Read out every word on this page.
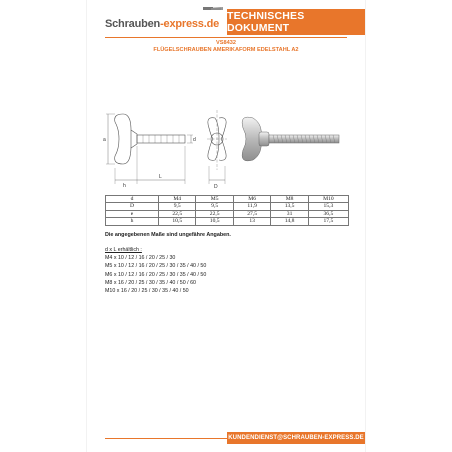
Schrauben-express.de
TECHNISCHES DOKUMENT
VS8432
FLÜGELSCHRAUBEN AMERIKAFORM EDELSTAHL A2
a
h
L
d
D
d	M4	M5	M6	M8	M10
D	9,5	9,5	11,9	13,5	15,3
e	22,5	22,5	27,5	31	36,5
h	10,5	10,5	13	14,8	17,5
Die angegebenen Maße sind ungefähre Angaben.
d x L erhältlich :
M4 x 10 / 12 / 16 / 20 / 25 / 30
M5 x 10 / 12 / 16 / 20 / 25 / 30 / 35 / 40 / 50
M6 x 10 / 12 / 16 / 20 / 25 / 30 / 35 / 40 / 50
M8 x 16 / 20 / 25 / 30 / 35 / 40 / 50 / 60
M10 x 16 / 20 / 25 / 30 / 35 / 40 / 50
KUNDENDIENST@SCHRAUBEN-EXPRESS.DE
